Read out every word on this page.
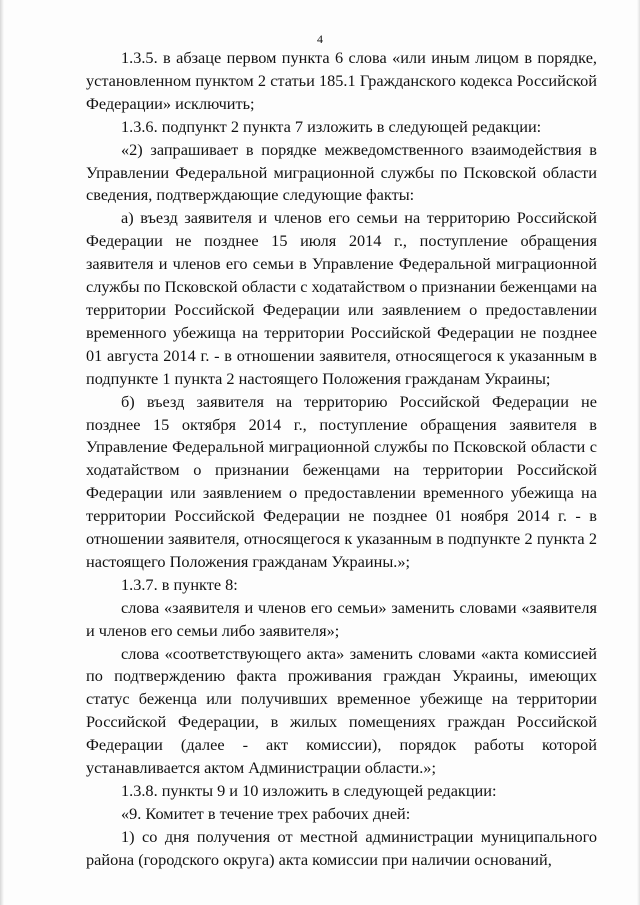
4

1.3.5. в абзаце первом пункта 6 слова «или иным лицом в порядке, установленном пунктом 2 статьи 185.1 Гражданского кодекса Российской Федерации» исключить;

1.3.6. подпункт 2 пункта 7 изложить в следующей редакции:

«2) запрашивает в порядке межведомственного взаимодействия в Управлении Федеральной миграционной службы по Псковской области сведения, подтверждающие следующие факты:

а) въезд заявителя и членов его семьи на территорию Российской Федерации не позднее 15 июля 2014 г., поступление обращения заявителя и членов его семьи в Управление Федеральной миграционной службы по Псковской области с ходатайством о признании беженцами на территории Российской Федерации или заявлением о предоставлении временного убежища на территории Российской Федерации не позднее 01 августа 2014 г. - в отношении заявителя, относящегося к указанным в подпункте 1 пункта 2 настоящего Положения гражданам Украины;

б) въезд заявителя на территорию Российской Федерации не позднее 15 октября 2014 г., поступление обращения заявителя в Управление Федеральной миграционной службы по Псковской области с ходатайством о признании беженцами на территории Российской Федерации или заявлением о предоставлении временного убежища на территории Российской Федерации не позднее 01 ноября 2014 г. - в отношении заявителя, относящегося к указанным в подпункте 2 пункта 2 настоящего Положения гражданам Украины.»;

1.3.7. в пункте 8:

слова «заявителя и членов его семьи» заменить словами «заявителя и членов его семьи либо заявителя»;

слова «соответствующего акта» заменить словами «акта комиссией по подтверждению факта проживания граждан Украины, имеющих статус беженца или получивших временное убежище на территории Российской Федерации, в жилых помещениях граждан Российской Федерации (далее - акт комиссии), порядок работы которой устанавливается актом Администрации области.»;

1.3.8. пункты 9 и 10 изложить в следующей редакции:

«9. Комитет в течение трех рабочих дней:

1) со дня получения от местной администрации муниципального района (городского округа) акта комиссии при наличии оснований,
